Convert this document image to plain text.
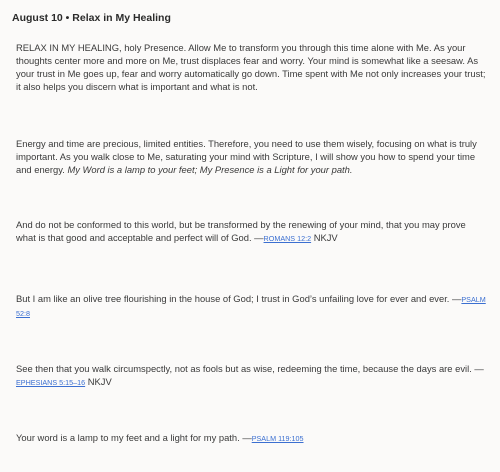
August 10 • Relax in My Healing

RELAX IN MY HEALING, holy Presence. Allow Me to transform you through this time alone with Me. As your thoughts center more and more on Me, trust displaces fear and worry. Your mind is somewhat like a seesaw. As your trust in Me goes up, fear and worry automatically go down. Time spent with Me not only increases your trust; it also helps you discern what is important and what is not.

Energy and time are precious, limited entities. Therefore, you need to use them wisely, focusing on what is truly important. As you walk close to Me, saturating your mind with Scripture, I will show you how to spend your time and energy. My Word is a lamp to your feet; My Presence is a Light for your path.

And do not be conformed to this world, but be transformed by the renewing of your mind, that you may prove what is that good and acceptable and perfect will of God. —ROMANS 12:2 NKJV

But I am like an olive tree flourishing in the house of God; I trust in God’s unfailing love for ever and ever. —PSALM 52:8

See then that you walk circumspectly, not as fools but as wise, redeeming the time, because the days are evil. —EPHESIANS 5:15–16 NKJV

Your word is a lamp to my feet and a light for my path. —PSALM 119:105
